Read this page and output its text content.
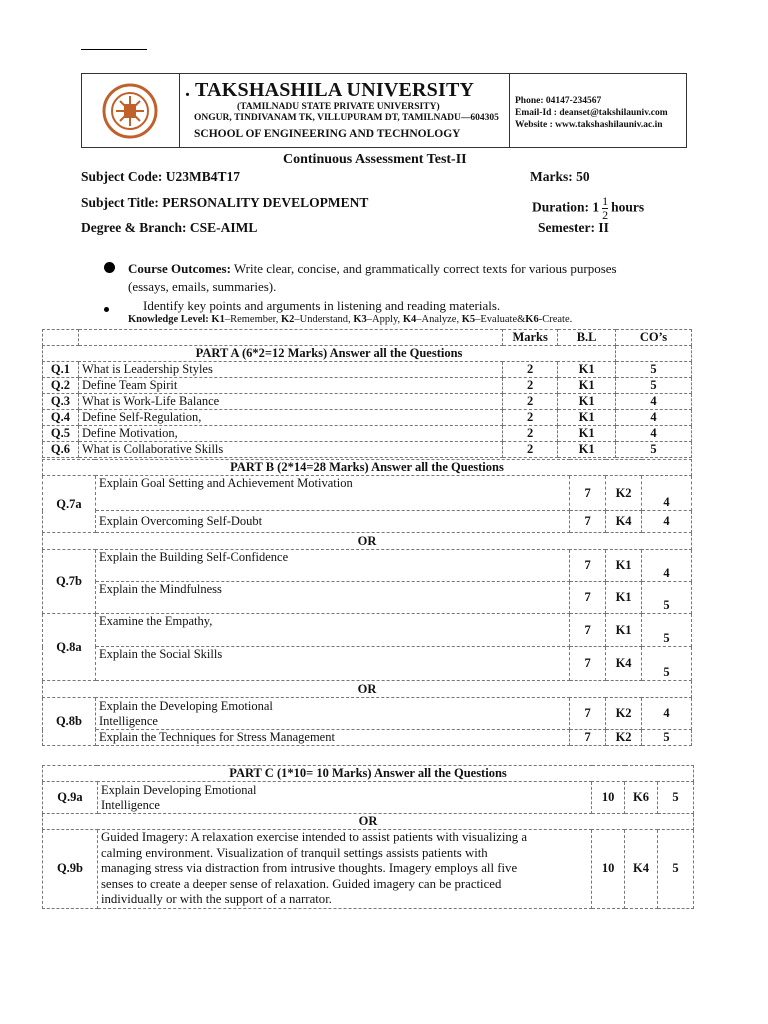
. TAKSHASHILA UNIVERSITY
(TAMILNADU STATE PRIVATE UNIVERSITY)
ONGUR, TINDIVANAM TK, VILLUPURAM DT, TAMILNADU—604305
SCHOOL OF ENGINEERING AND TECHNOLOGY
Phone: 04147-234567
Email-Id : deanset@takshilauniv.com
Website : www.takshashilauniv.ac.in
Continuous Assessment Test-II
Subject Code: U23MB4T17	Marks: 50
Subject Title: PERSONALITY DEVELOPMENT	Duration: $1 \frac{1}{2}$ hours
Degree & Branch: CSE-AIML	Semester: II
Course Outcomes: Write clear, concise, and grammatically correct texts for various purposes
(essays, emails, summaries).
Identify key points and arguments in listening and reading materials.
Knowledge Level: K1–Remember, K2–Understand, K3–Apply, K4–Analyze, K5–Evaluate&K6-Create.
		Marks	B.L	CO’s
PART A (6*2=12 Marks) Answer all the Questions				
Q.1	What is Leadership Styles	2	K1	5
Q.2	Define Team Spirit	2	K1	5
Q.3	What is Work-Life Balance	2	K1	4
Q.4	Define Self-Regulation,	2	K1	4
Q.5	Define Motivation,	2	K1	4
Q.6	What is Collaborative Skills	2	K1	5
PART B (2*14=28 Marks) Answer all the Questions				
Q.7a	Explain Goal Setting and Achievement Motivation	7	K2	4
	Explain Overcoming Self-Doubt	7	K4	4
OR				
Q.7b	Explain the Building Self-Confidence	7	K1	4
	Explain the Mindfulness	7	K1	5
Q.8a	Examine the Empathy,	7	K1	5
	Explain the Social Skills	7	K4	5
OR				
Q.8b	Explain the Developing Emotional
Intelligence	7	K2	4
	Explain the Techniques for Stress Management	7	K2	5
PART C (1*10= 10 Marks) Answer all the Questions				
Q.9a	Explain Developing Emotional
Intelligence	10	K6	5
OR				
Q.9b	Guided Imagery: A relaxation exercise intended to assist patients with visualizing a
calming environment. Visualization of tranquil settings assists patients with
managing stress via distraction from intrusive thoughts. Imagery employs all five
senses to create a deeper sense of relaxation. Guided imagery can be practiced
individually or with the support of a narrator.	10	K4	5
